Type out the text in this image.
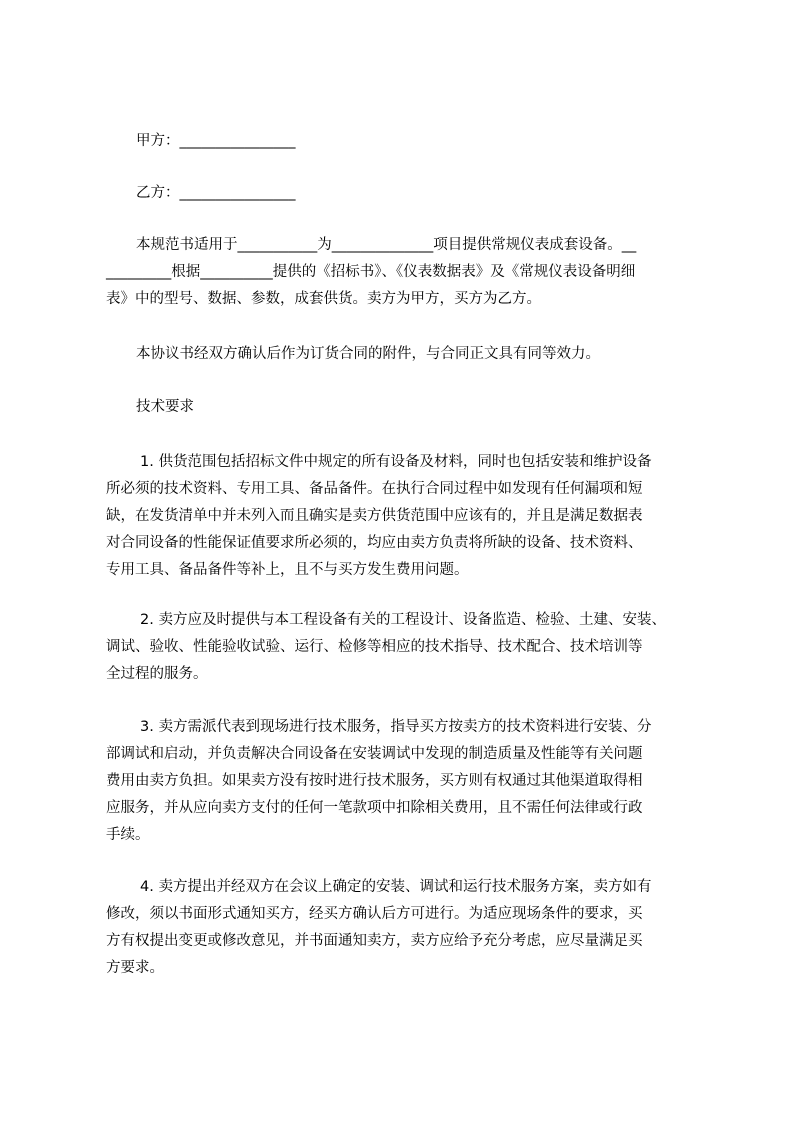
甲方：________________
乙方：________________
本规范书适用于___________为______________项目提供常规仪表成套设备。__
_________根据__________提供的《招标书》、《仪表数据表》及《常规仪表设备明细
表》中的型号、数据、参数，成套供货。卖方为甲方，买方为乙方。
本协议书经双方确认后作为订货合同的附件，与合同正文具有同等效力。
技术要求
1. 供货范围包括招标文件中规定的所有设备及材料，同时也包括安装和维护设备
所必须的技术资料、专用工具、备品备件。在执行合同过程中如发现有任何漏项和短
缺，在发货清单中并未列入而且确实是卖方供货范围中应该有的，并且是满足数据表
对合同设备的性能保证值要求所必须的，均应由卖方负责将所缺的设备、技术资料、
专用工具、备品备件等补上，且不与买方发生费用问题。
2. 卖方应及时提供与本工程设备有关的工程设计、设备监造、检验、土建、安装、
调试、验收、性能验收试验、运行、检修等相应的技术指导、技术配合、技术培训等
全过程的服务。
3. 卖方需派代表到现场进行技术服务，指导买方按卖方的技术资料进行安装、分
部调试和启动，并负责解决合同设备在安装调试中发现的制造质量及性能等有关问题
费用由卖方负担。如果卖方没有按时进行技术服务，买方则有权通过其他渠道取得相
应服务，并从应向卖方支付的任何一笔款项中扣除相关费用，且不需任何法律或行政
手续。
4. 卖方提出并经双方在会议上确定的安装、调试和运行技术服务方案，卖方如有
修改，须以书面形式通知买方，经买方确认后方可进行。为适应现场条件的要求，买
方有权提出变更或修改意见，并书面通知卖方，卖方应给予充分考虑，应尽量满足买
方要求。
